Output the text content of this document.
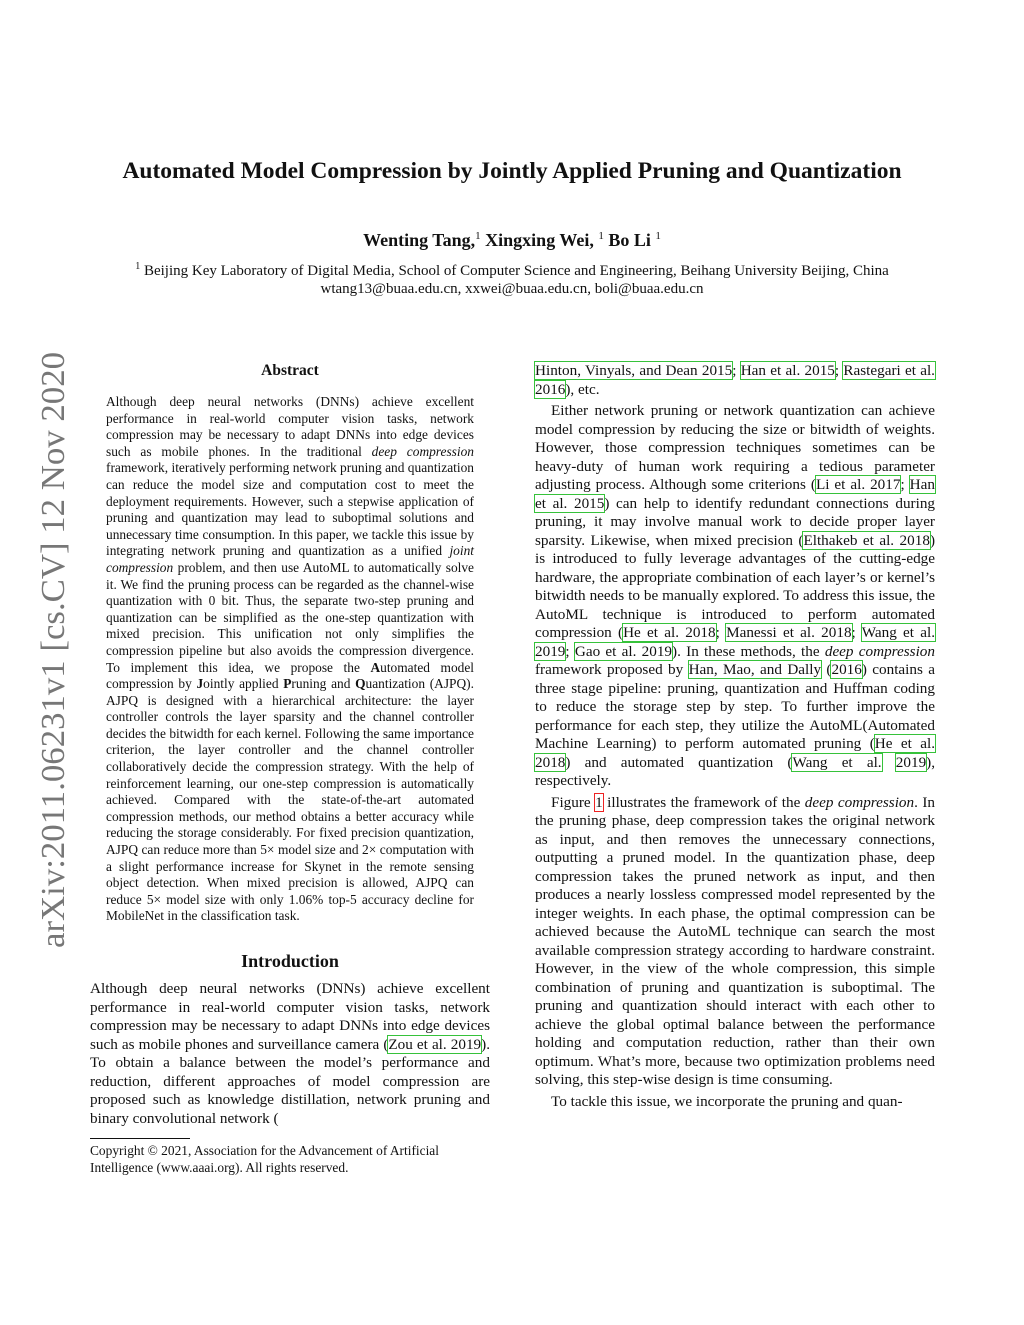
arXiv:2011.06231v1 [cs.CV] 12 Nov 2020
Automated Model Compression by Jointly Applied Pruning and Quantization
Wenting Tang,$^1$ Xingxing Wei, $^1$ Bo Li $^1$
$^1$ Beijing Key Laboratory of Digital Media, School of Computer Science and Engineering, Beihang University Beijing, China
wtang13@buaa.edu.cn, xxwei@buaa.edu.cn, boli@buaa.edu.cn
Abstract

Although deep neural networks (DNNs) achieve excellent performance in real-world computer vision tasks, network compression may be necessary to adapt DNNs into edge devices such as mobile phones. In the traditional deep compression framework, iteratively performing network pruning and quantization can reduce the model size and computation cost to meet the deployment requirements. However, such a stepwise application of pruning and quantization may lead to suboptimal solutions and unnecessary time consumption. In this paper, we tackle this issue by integrating network pruning and quantization as a unified joint compression problem, and then use AutoML to automatically solve it. We find the pruning process can be regarded as the channel-wise quantization with 0 bit. Thus, the separate two-step pruning and quantization can be simplified as the one-step quantization with mixed precision. This unification not only simplifies the compression pipeline but also avoids the compression divergence. To implement this idea, we propose the Automated model compression by Jointly applied Pruning and Quantization (AJPQ). AJPQ is designed with a hierarchical architecture: the layer controller controls the layer sparsity and the channel controller decides the bitwidth for each kernel. Following the same importance criterion, the layer controller and the channel controller collaboratively decide the compression strategy. With the help of reinforcement learning, our one-step compression is automatically achieved. Compared with the state-of-the-art automated compression methods, our method obtains a better accuracy while reducing the storage considerably. For fixed precision quantization, AJPQ can reduce more than 5× model size and 2× computation with a slight performance increase for Skynet in the remote sensing object detection. When mixed precision is allowed, AJPQ can reduce 5× model size with only 1.06% top-5 accuracy decline for MobileNet in the classification task.

Introduction

Although deep neural networks (DNNs) achieve excellent performance in real-world computer vision tasks, network compression may be necessary to adapt DNNs into edge devices such as mobile phones and surveillance camera (Zou et al. 2019). To obtain a balance between the model’s performance and reduction, different approaches of model compression are proposed such as knowledge distillation, network pruning and binary convolutional network (

Copyright © 2021, Association for the Advancement of Artificial Intelligence (www.aaai.org). All rights reserved.

Hinton, Vinyals, and Dean 2015; Han et al. 2015; Rastegari et al. 2016), etc.

Either network pruning or network quantization can achieve model compression by reducing the size or bitwidth of weights. However, those compression techniques sometimes can be heavy-duty of human work requiring a tedious parameter adjusting process. Although some criterions (Li et al. 2017; Han et al. 2015) can help to identify redundant connections during pruning, it may involve manual work to decide proper layer sparsity. Likewise, when mixed precision (Elthakeb et al. 2018) is introduced to fully leverage advantages of the cutting-edge hardware, the appropriate combination of each layer’s or kernel’s bitwidth needs to be manually explored. To address this issue, the AutoML technique is introduced to perform automated compression (He et al. 2018; Manessi et al. 2018; Wang et al. 2019; Gao et al. 2019). In these methods, the deep compression framework proposed by Han, Mao, and Dally (2016) contains a three stage pipeline: pruning, quantization and Huffman coding to reduce the storage step by step. To further improve the performance for each step, they utilize the AutoML(Automated Machine Learning) to perform automated pruning (He et al. 2018) and automated quantization (Wang et al. 2019), respectively.

Figure 1 illustrates the framework of the deep compression. In the pruning phase, deep compression takes the original network as input, and then removes the unnecessary connections, outputting a pruned model. In the quantization phase, deep compression takes the pruned network as input, and then produces a nearly lossless compressed model represented by the integer weights. In each phase, the optimal compression can be achieved because the AutoML technique can search the most available compression strategy according to hardware constraint. However, in the view of the whole compression, this simple combination of pruning and quantization is suboptimal. The pruning and quantization should interact with each other to achieve the global optimal balance between the performance holding and computation reduction, rather than their own optimum. What’s more, because two optimization problems need solving, this step-wise design is time consuming.

To tackle this issue, we incorporate the pruning and quan-
